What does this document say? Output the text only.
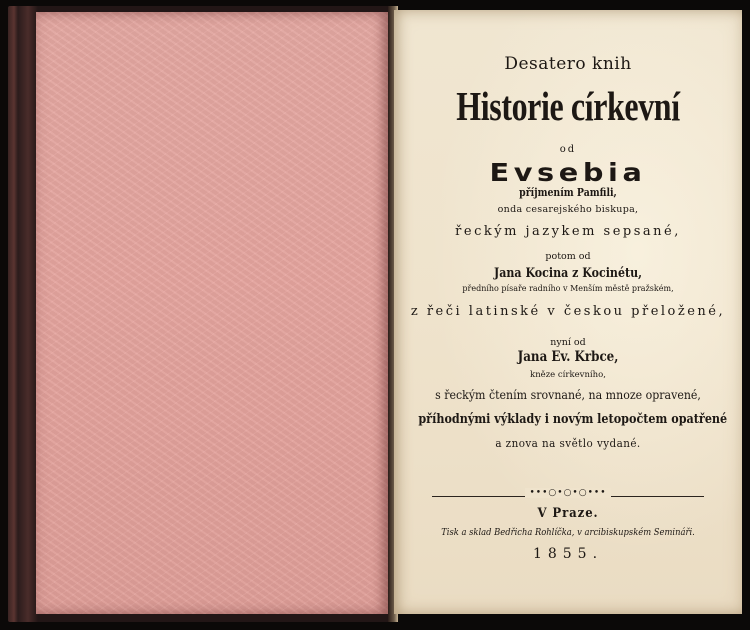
Desatero knih
Historie církevní
od
Evsebia
příjmením Pamfili,
onda cesarejského biskupa,
řeckým jazykem sepsané,
potom od
Jana Kocina z Kocinétu,
předního písaře radního v Menším městě pražském,
z řeči latinské v českou přeložené,
nyní od
Jana Ev. Krbce,
kněze církevního,
s řeckým čtením srovnané, na mnoze opravené,
příhodnými výklady i novým letopočtem opatřené
a znova na světlo vydané.
•••○•○•○•••
V Praze.
Tisk a sklad Bedřicha Rohlíčka, v arcibiskupském Semináři.
1855.
